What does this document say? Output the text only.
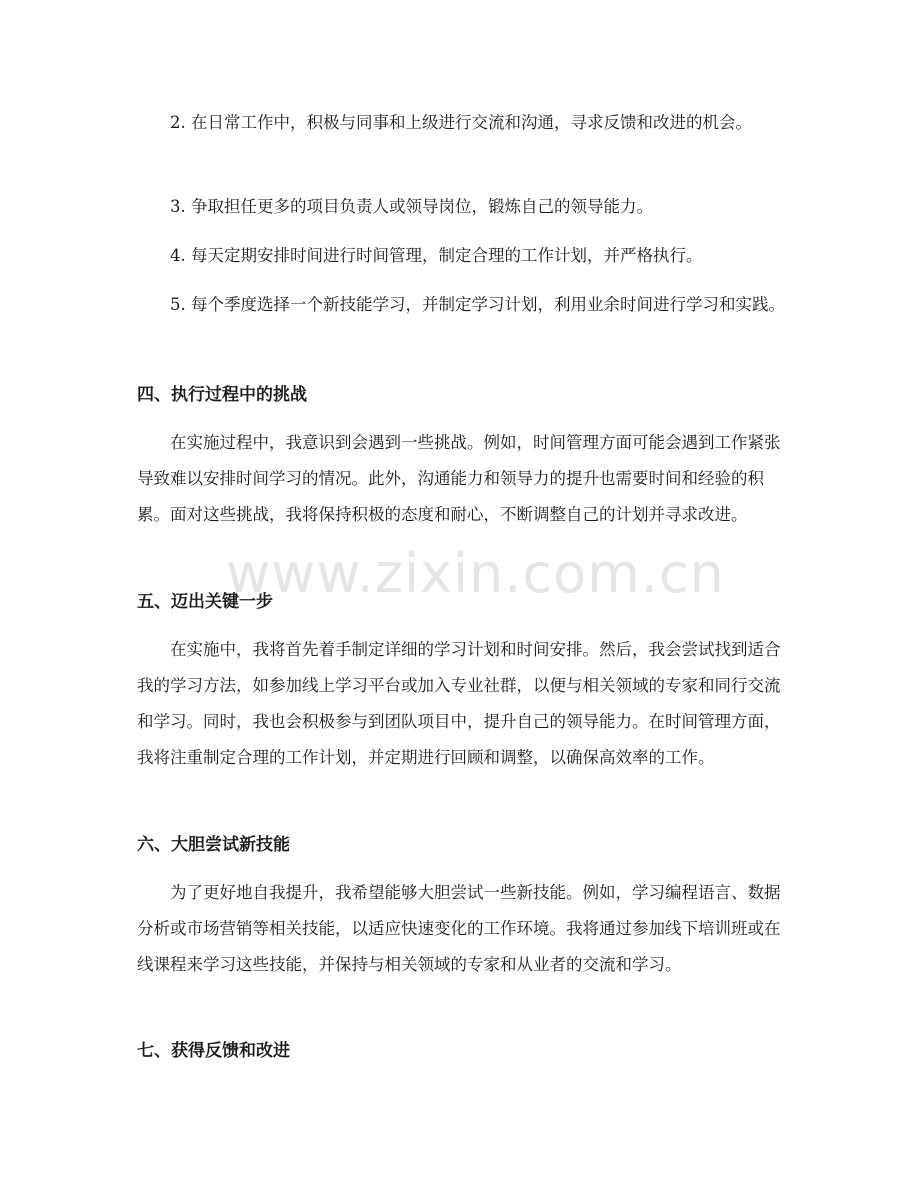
2. 在日常工作中，积极与同事和上级进行交流和沟通，寻求反馈和改进的机会。

3. 争取担任更多的项目负责人或领导岗位，锻炼自己的领导能力。

4. 每天定期安排时间进行时间管理，制定合理的工作计划，并严格执行。

5. 每个季度选择一个新技能学习，并制定学习计划，利用业余时间进行学习和实践。

四、执行过程中的挑战

在实施过程中，我意识到会遇到一些挑战。例如，时间管理方面可能会遇到工作紧张导致难以安排时间学习的情况。此外，沟通能力和领导力的提升也需要时间和经验的积累。面对这些挑战，我将保持积极的态度和耐心，不断调整自己的计划并寻求改进。

五、迈出关键一步

在实施中，我将首先着手制定详细的学习计划和时间安排。然后，我会尝试找到适合我的学习方法，如参加线上学习平台或加入专业社群，以便与相关领域的专家和同行交流和学习。同时，我也会积极参与到团队项目中，提升自己的领导能力。在时间管理方面，我将注重制定合理的工作计划，并定期进行回顾和调整，以确保高效率的工作。

六、大胆尝试新技能

为了更好地自我提升，我希望能够大胆尝试一些新技能。例如，学习编程语言、数据分析或市场营销等相关技能，以适应快速变化的工作环境。我将通过参加线下培训班或在线课程来学习这些技能，并保持与相关领域的专家和从业者的交流和学习。

七、获得反馈和改进
www.zixin.com.cn
